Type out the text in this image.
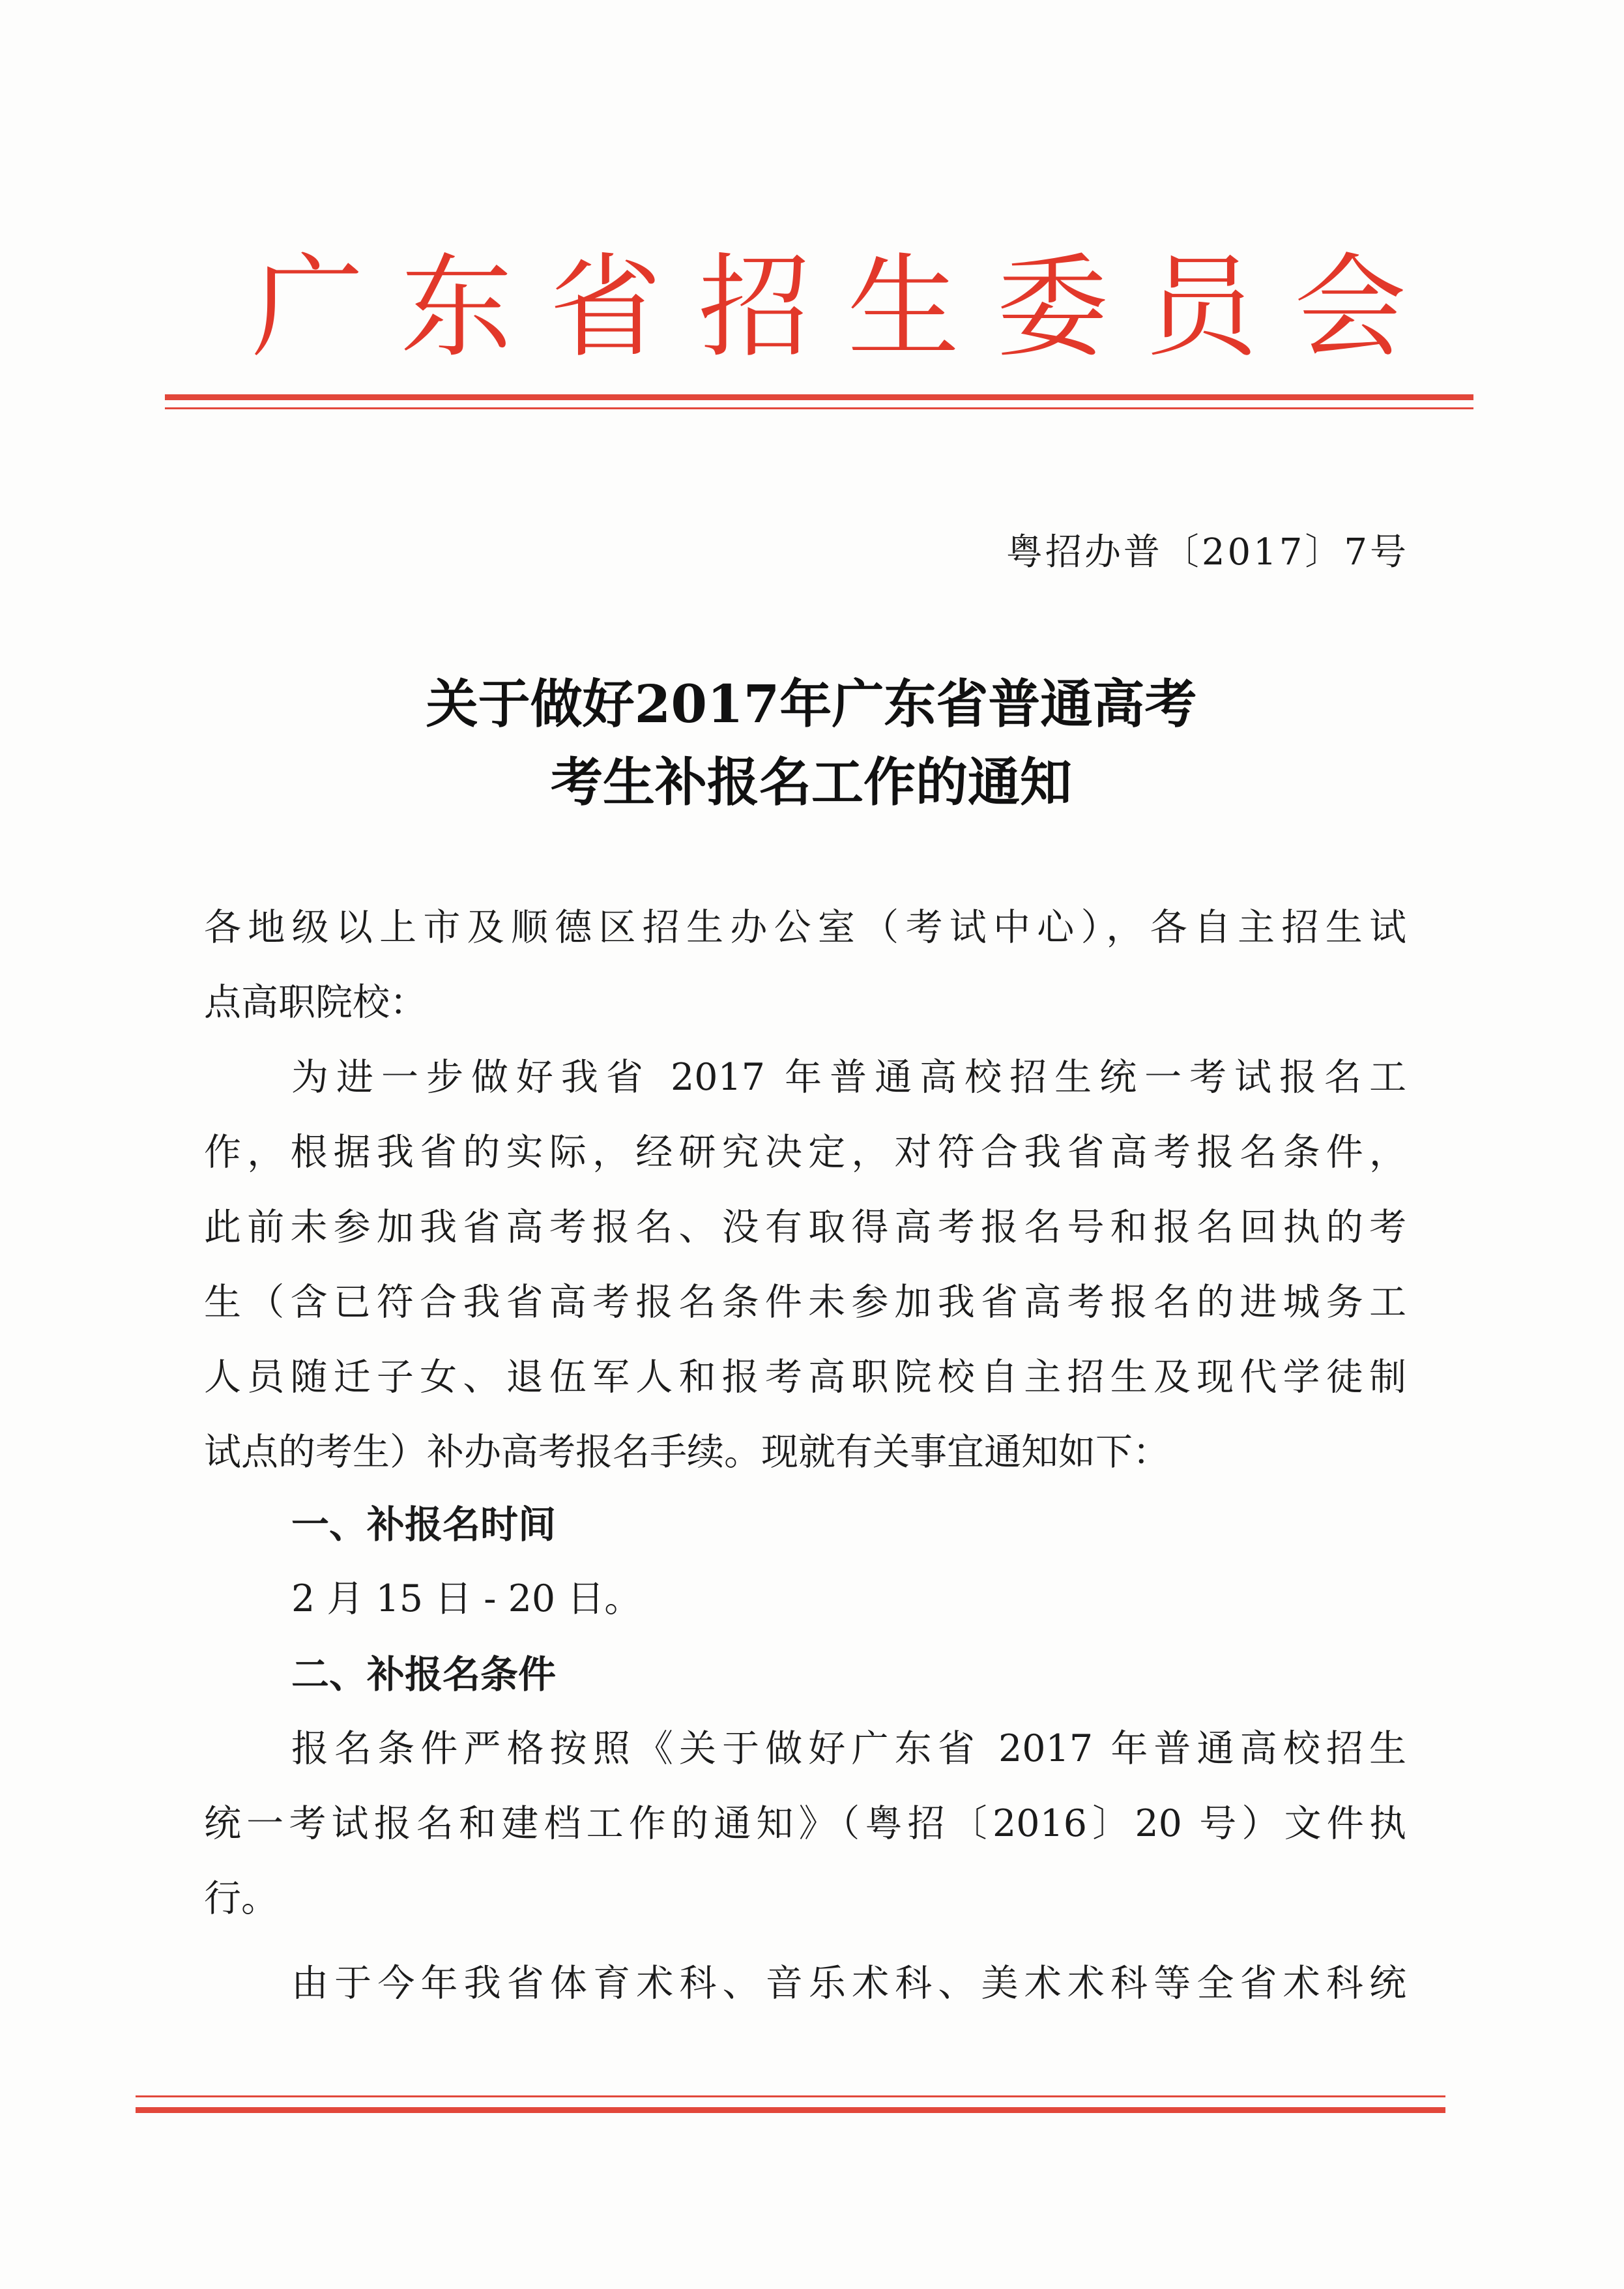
广 东 省 招 生 委 员 会
粤招办普〔2017〕7号
关于做好2017年广东省普通高考
考生补报名工作的通知
各地级以上市及顺德区招生办公室（考试中心），各自主招生试
点高职院校：
为进一步做好我省 2017 年普通高校招生统一考试报名工
作，根据我省的实际，经研究决定，对符合我省高考报名条件，
此前未参加我省高考报名、没有取得高考报名号和报名回执的考
生（含已符合我省高考报名条件未参加我省高考报名的进城务工
人员随迁子女、退伍军人和报考高职院校自主招生及现代学徒制
试点的考生）补办高考报名手续。现就有关事宜通知如下：
一、补报名时间
2 月 15 日 - 20 日。
二、补报名条件
报名条件严格按照《关于做好广东省 2017 年普通高校招生
统一考试报名和建档工作的通知》（粤招〔2016〕20 号）文件执
行。
由于今年我省体育术科、音乐术科、美术术科等全省术科统
